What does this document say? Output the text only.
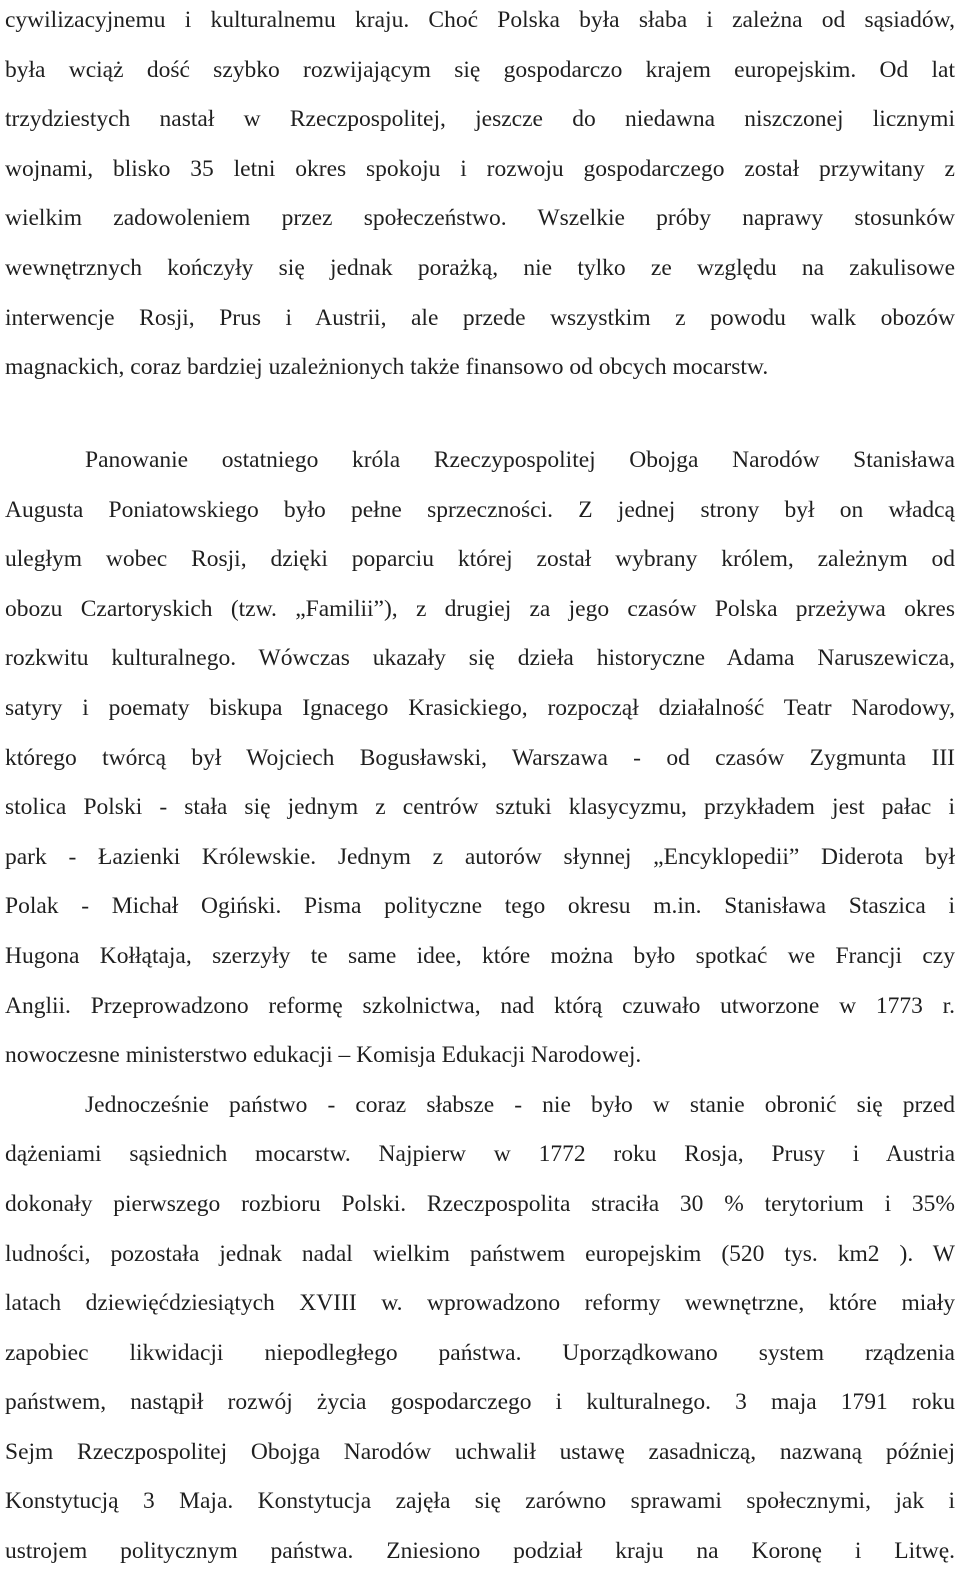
cywilizacyjnemu i kulturalnemu kraju. Choć Polska była słaba i zależna od sąsiadów,
była wciąż dość szybko rozwijającym się gospodarczo krajem europejskim. Od lat
trzydziestych nastał w Rzeczpospolitej, jeszcze do niedawna niszczonej licznymi
wojnami, blisko 35 letni okres spokoju i rozwoju gospodarczego został przywitany z
wielkim zadowoleniem przez społeczeństwo. Wszelkie próby naprawy stosunków
wewnętrznych kończyły się jednak porażką, nie tylko ze względu na zakulisowe
interwencje Rosji, Prus i Austrii, ale przede wszystkim z powodu walk obozów
magnackich, coraz bardziej uzależnionych także finansowo od obcych mocarstw.
Panowanie ostatniego króla Rzeczypospolitej Obojga Narodów Stanisława
Augusta Poniatowskiego było pełne sprzeczności. Z jednej strony był on władcą
uległym wobec Rosji, dzięki poparciu której został wybrany królem, zależnym od
obozu Czartoryskich (tzw. „Familii”), z drugiej za jego czasów Polska przeżywa okres
rozkwitu kulturalnego. Wówczas ukazały się dzieła historyczne Adama Naruszewicza,
satyry i poematy biskupa Ignacego Krasickiego, rozpoczął działalność Teatr Narodowy,
którego twórcą był Wojciech Bogusławski, Warszawa - od czasów Zygmunta III
stolica Polski - stała się jednym z centrów sztuki klasycyzmu, przykładem jest pałac i
park - Łazienki Królewskie. Jednym z autorów słynnej „Encyklopedii” Diderota był
Polak - Michał Ogiński. Pisma polityczne tego okresu m.in. Stanisława Staszica i
Hugona Kołłątaja, szerzyły te same idee, które można było spotkać we Francji czy
Anglii. Przeprowadzono reformę szkolnictwa, nad którą czuwało utworzone w 1773 r.
nowoczesne ministerstwo edukacji – Komisja Edukacji Narodowej.
Jednocześnie państwo - coraz słabsze - nie było w stanie obronić się przed
dążeniami sąsiednich mocarstw. Najpierw w 1772 roku Rosja, Prusy i Austria
dokonały pierwszego rozbioru Polski. Rzeczpospolita straciła 30 % terytorium i 35%
ludności, pozostała jednak nadal wielkim państwem europejskim (520 tys. km2 ). W
latach dziewięćdziesiątych XVIII w. wprowadzono reformy wewnętrzne, które miały
zapobiec likwidacji niepodległego państwa. Uporządkowano system rządzenia
państwem, nastąpił rozwój życia gospodarczego i kulturalnego. 3 maja 1791 roku
Sejm Rzeczpospolitej Obojga Narodów uchwalił ustawę zasadniczą, nazwaną później
Konstytucją 3 Maja. Konstytucja zajęła się zarówno sprawami społecznymi, jak i
ustrojem politycznym państwa. Zniesiono podział kraju na Koronę i Litwę.
